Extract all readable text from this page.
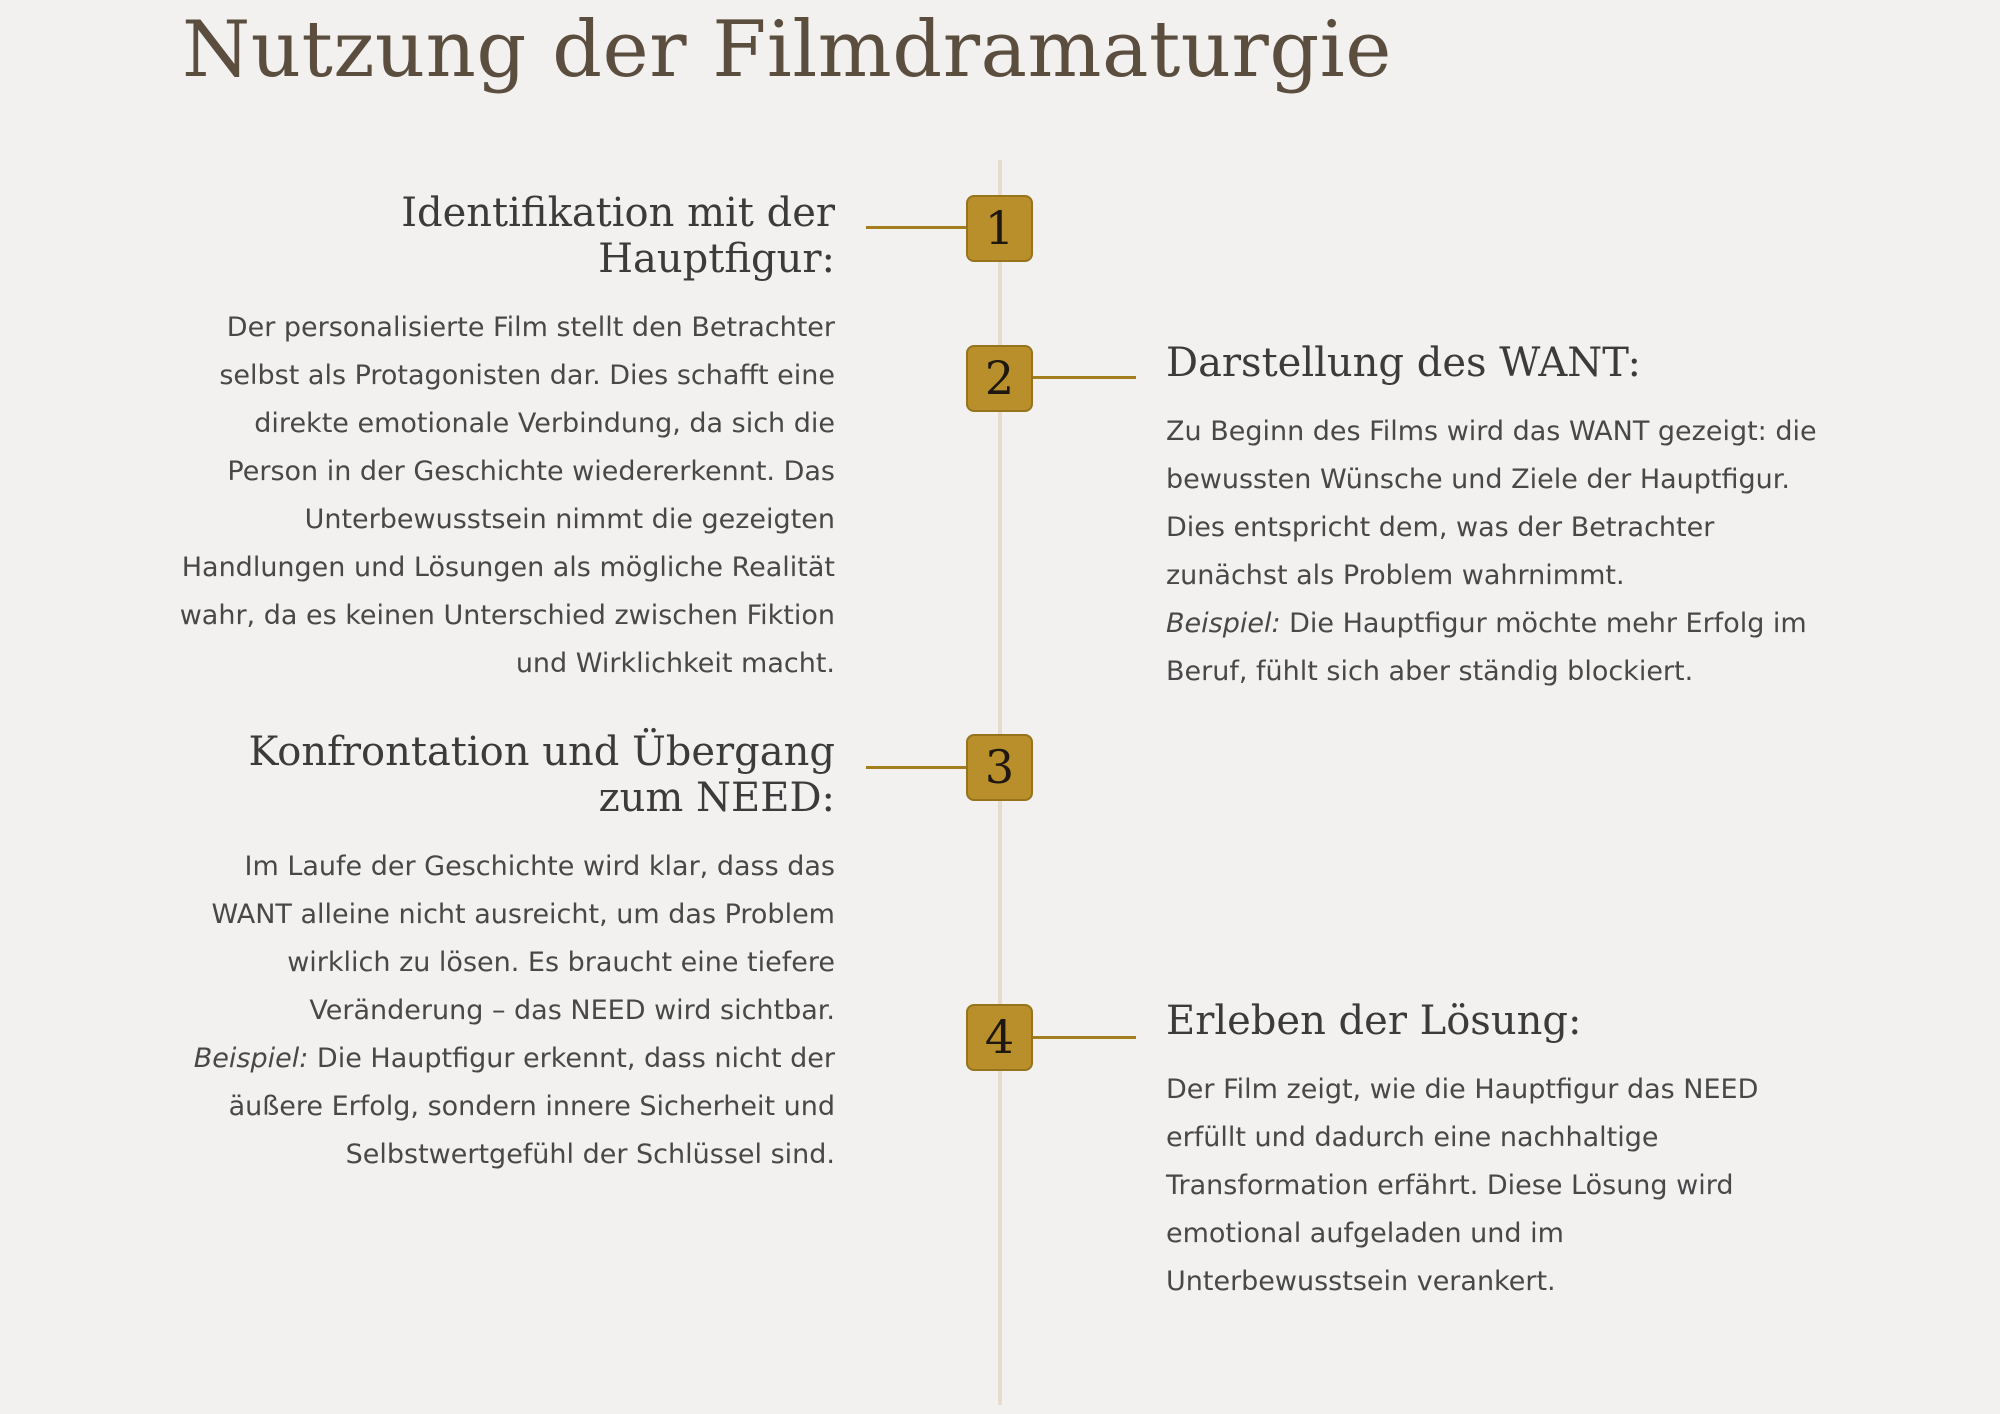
Nutzung der Filmdramaturgie
1
Identifikation mit der Hauptfigur:

Der personalisierte Film stellt den Betrachter selbst als Protagonisten dar. Dies schafft eine direkte emotionale Verbindung, da sich die Person in der Geschichte wiedererkennt. Das Unterbewusstsein nimmt die gezeigten Handlungen und Lösungen als mögliche Realität wahr, da es keinen Unterschied zwischen Fiktion und Wirklichkeit macht.

2	Darstellung des WANT:

Zu Beginn des Films wird das WANT gezeigt: die bewussten Wünsche und Ziele der Hauptfigur. Dies entspricht dem, was der Betrachter zunächst als Problem wahrnimmt.
Beispiel: Die Hauptfigur möchte mehr Erfolg im Beruf, fühlt sich aber ständig blockiert.

3
Konfrontation und Übergang
zum NEED:

Im Laufe der Geschichte wird klar, dass das WANT alleine nicht ausreicht, um das Problem wirklich zu lösen. Es braucht eine tiefere Veränderung – das NEED wird sichtbar.
Beispiel: Die Hauptfigur erkennt, dass nicht der äußere Erfolg, sondern innere Sicherheit und Selbstwertgefühl der Schlüssel sind.

4	Erleben der Lösung:

Der Film zeigt, wie die Hauptfigur das NEED erfüllt und dadurch eine nachhaltige Transformation erfährt. Diese Lösung wird emotional aufgeladen und im Unterbewusstsein verankert.
